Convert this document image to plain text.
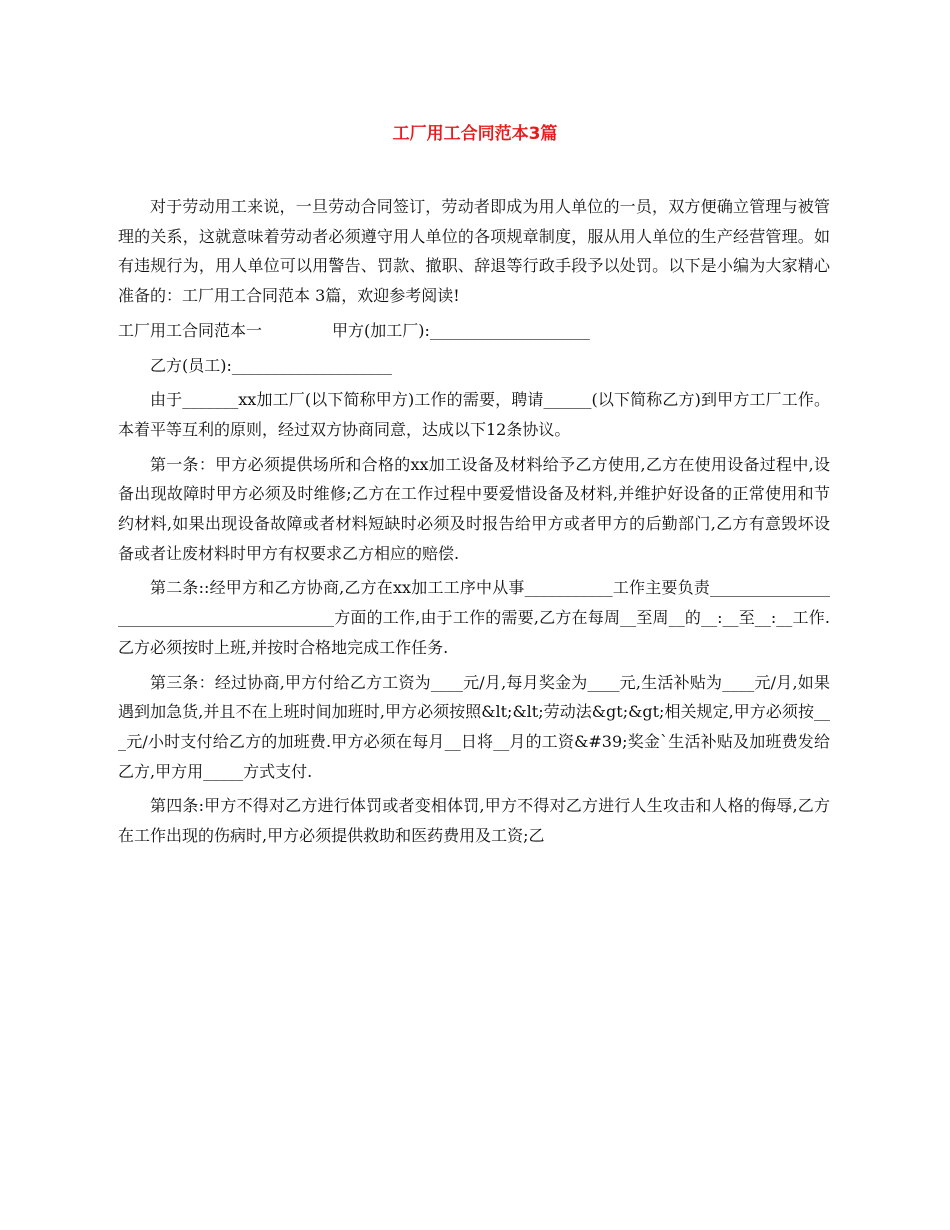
工厂用工合同范本3篇

对于劳动用工来说，一旦劳动合同签订，劳动者即成为用人单位的一员，双方便确立管理与被管理的关系，这就意味着劳动者必须遵守用人单位的各项规章制度，服从用人单位的生产经营管理。如有违规行为，用人单位可以用警告、罚款、撤职、辞退等行政手段予以处罚。以下是小编为大家精心准备的：工厂用工合同范本 3篇，欢迎参考阅读!

工厂用工合同范本一	甲方(加工厂):____________________

乙方(员工):____________________

由于_______xx加工厂(以下简称甲方)工作的需要，聘请______(以下简称乙方)到甲方工厂工作。本着平等互利的原则，经过双方协商同意，达成以下12条协议。

第一条：甲方必须提供场所和合格的xx加工设备及材料给予乙方使用,乙方在使用设备过程中,设备出现故障时甲方必须及时维修;乙方在工作过程中要爱惜设备及材料,并维护好设备的正常使用和节约材料,如果出现设备故障或者材料短缺时必须及时报告给甲方或者甲方的后勤部门,乙方有意毁坏设备或者让废材料时甲方有权要求乙方相应的赔偿.

第二条::经甲方和乙方协商,乙方在xx加工工序中从事___________工作主要负责__________________________________________方面的工作,由于工作的需要,乙方在每周__至周__的__:__至__:__工作.乙方必须按时上班,并按时合格地完成工作任务.

第三条：经过协商,甲方付给乙方工资为____元/月,每月奖金为____元,生活补贴为____元/月,如果遇到加急货,并且不在上班时间加班时,甲方必须按照&lt;&lt;劳动法&gt;&gt;相关规定,甲方必须按___元/小时支付给乙方的加班费.甲方必须在每月__日将__月的工资&#39;奖金`生活补贴及加班费发给乙方,甲方用_____方式支付.

第四条:甲方不得对乙方进行体罚或者变相体罚,甲方不得对乙方进行人生攻击和人格的侮辱,乙方在工作出现的伤病时,甲方必须提供救助和医药费用及工资;乙
